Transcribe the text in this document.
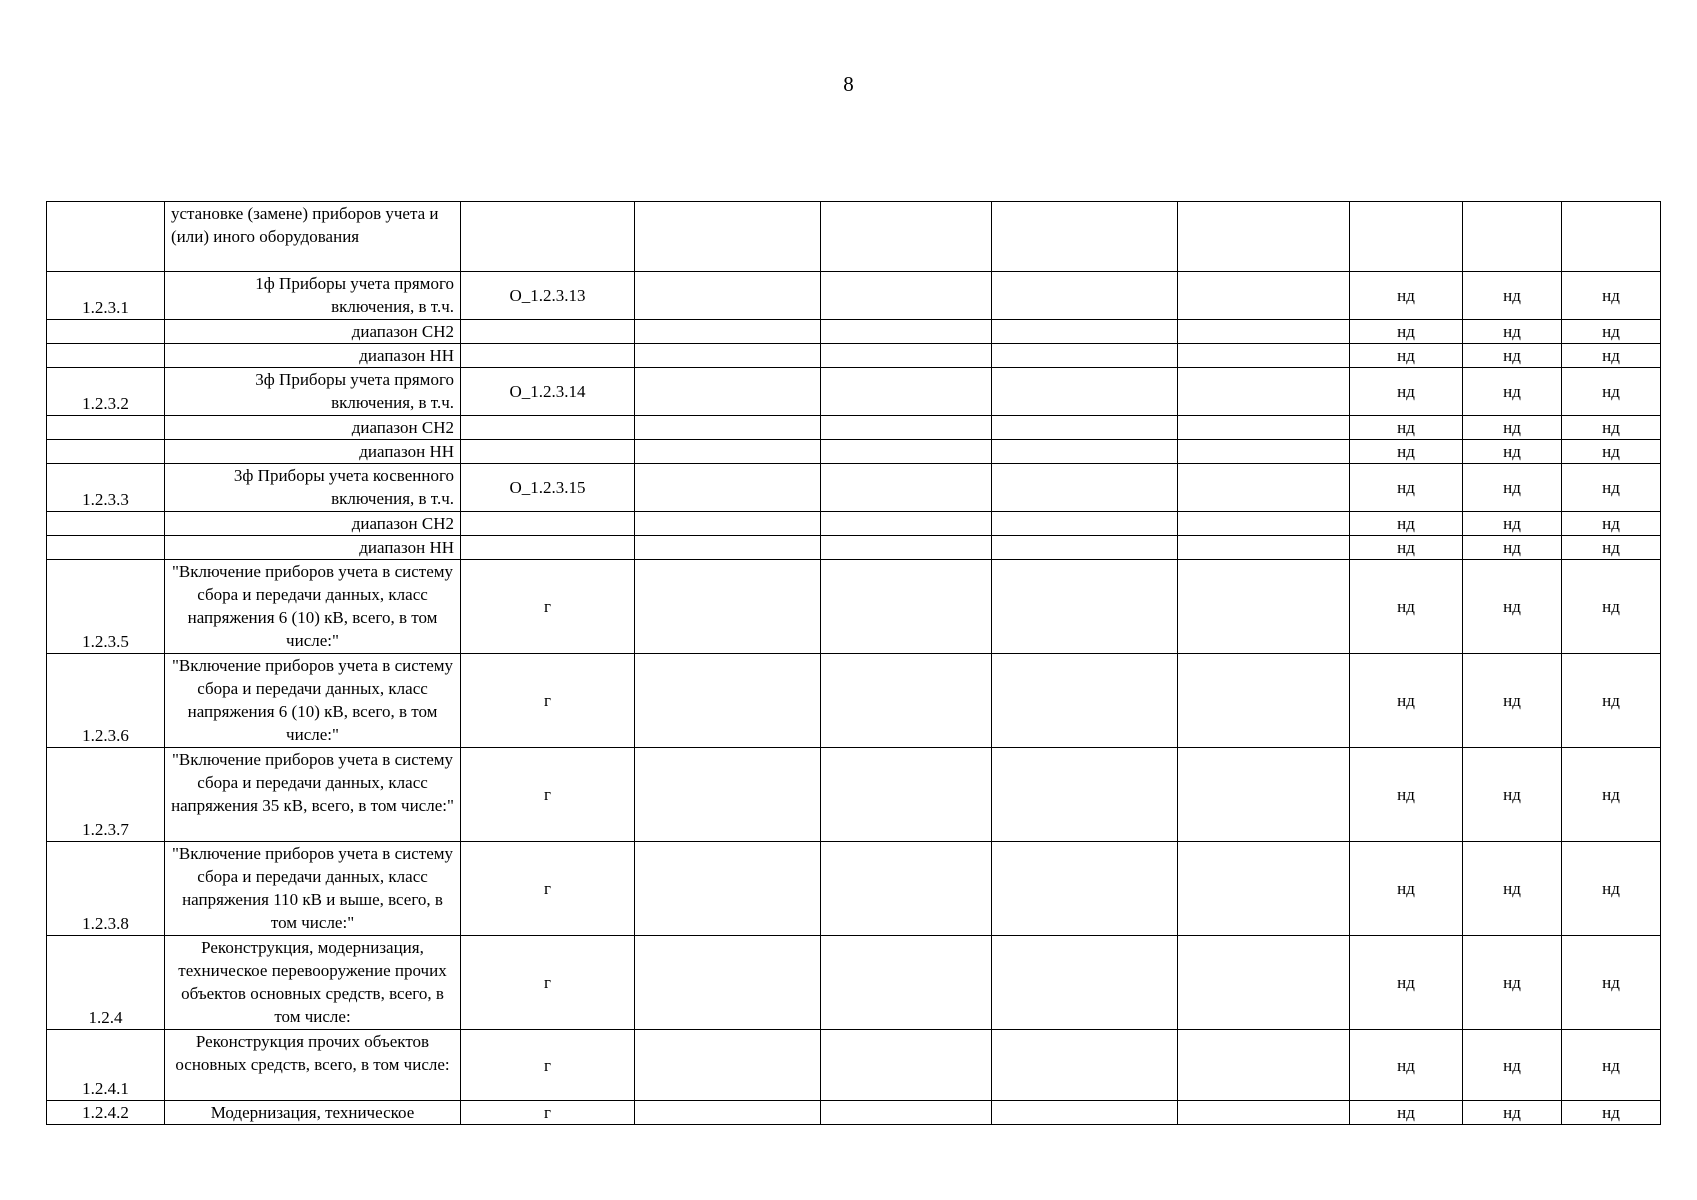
8
	установке (замене) приборов учета и (или) иного оборудования								
1.2.3.1	1ф Приборы учета прямого включения, в т.ч.	О_1.2.3.13					нд	нд	нд
	диапазон СН2						нд	нд	нд
	диапазон НН						нд	нд	нд
1.2.3.2	3ф Приборы учета прямого включения, в т.ч.	О_1.2.3.14					нд	нд	нд
	диапазон СН2						нд	нд	нд
	диапазон НН						нд	нд	нд
1.2.3.3	3ф Приборы учета косвенного включения, в т.ч.	О_1.2.3.15					нд	нд	нд
	диапазон СН2						нд	нд	нд
	диапазон НН						нд	нд	нд
1.2.3.5	"Включение приборов учета в систему сбора и передачи данных, класс напряжения 6 (10) кВ, всего, в том числе:"	г					нд	нд	нд
1.2.3.6	"Включение приборов учета в систему сбора и передачи данных, класс напряжения 6 (10) кВ, всего, в том числе:"	г					нд	нд	нд
1.2.3.7	"Включение приборов учета в систему сбора и передачи данных, класс напряжения 35 кВ, всего, в том числе:"	г					нд	нд	нд
1.2.3.8	"Включение приборов учета в систему сбора и передачи данных, класс напряжения 110 кВ и выше, всего, в том числе:"	г					нд	нд	нд
1.2.4	Реконструкция, модернизация, техническое перевооружение прочих объектов основных средств, всего, в том числе:	г					нд	нд	нд
1.2.4.1	Реконструкция прочих объектов основных средств, всего, в том числе:	г					нд	нд	нд
1.2.4.2	Модернизация, техническое	г					нд	нд	нд
